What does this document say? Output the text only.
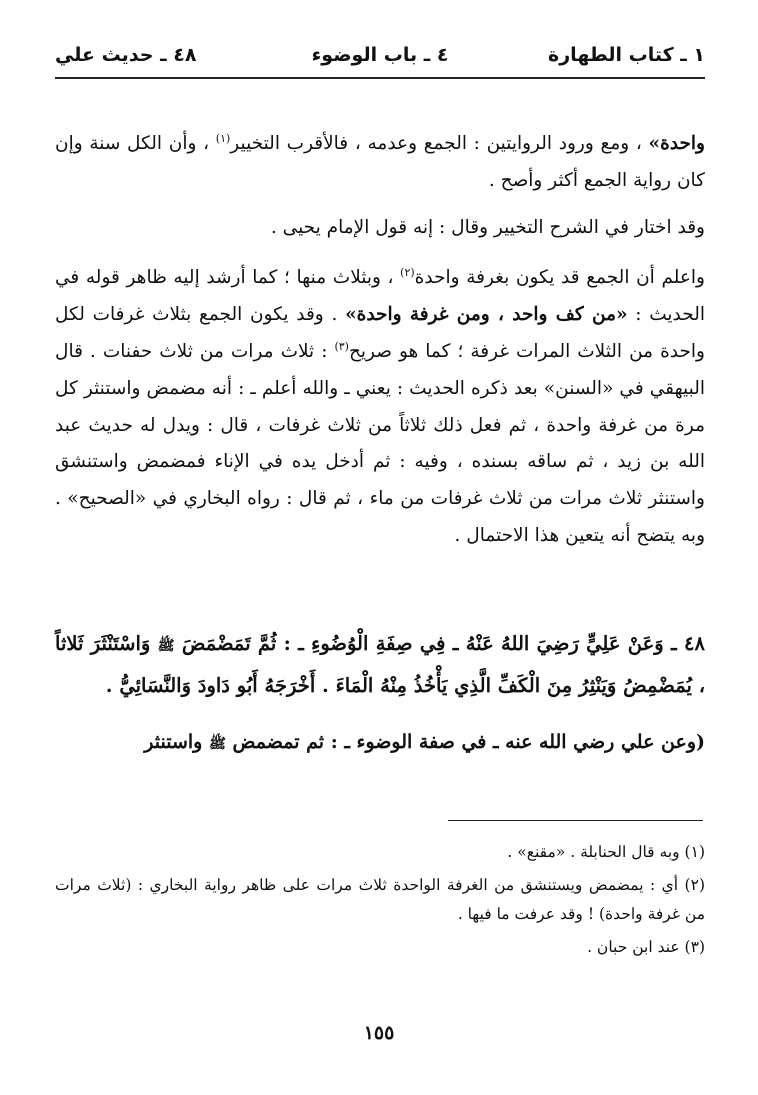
١ ـ كتاب الطهارة
٤ ـ باب الوضوء
٤٨ ـ حديث علي

واحدة» ، ومع ورود الروايتين : الجمع وعدمه ، فالأقرب التخيير$^{(١)}$ ، وأن الكل سنة وإن كان رواية الجمع أكثر وأصح .

وقد اختار في الشرح التخيير وقال : إنه قول الإمام يحيى .

واعلم أن الجمع قد يكون بغرفة واحدة$^{(٢)}$ ، وبثلاث منها ؛ كما أرشد إليه ظاهر قوله في الحديث : «من كف واحد ، ومن غرفة واحدة» . وقد يكون الجمع بثلاث غرفات لكل واحدة من الثلاث المرات غرفة ؛ كما هو صريح$^{(٣)}$ : ثلاث مرات من ثلاث حفنات . قال البيهقي في «السنن» بعد ذكره الحديث : يعني ـ والله أعلم ـ : أنه مضمض واستنثر كل مرة من غرفة واحدة ، ثم فعل ذلك ثلاثاً من ثلاث غرفات ، قال : ويدل له حديث عبد الله بن زيد ، ثم ساقه بسنده ، وفيه : ثم أدخل يده في الإناء فمضمض واستنشق واستنثر ثلاث مرات من ثلاث غرفات من ماء ، ثم قال : رواه البخاري في «الصحيح» . وبه يتضح أنه يتعين هذا الاحتمال .

٤٨ ـ وَعَنْ عَلِيٍّ رَضِيَ اللهُ عَنْهُ ـ فِي صِفَةِ الْوُضُوءِ ـ : ثُمَّ تَمَضْمَضَ ﷺ وَاسْتَنْثَرَ ثَلاثاً ، يُمَضْمِضُ وَيَنْثِرُ مِنَ الْكَفِّ الَّذِي يَأْخُذُ مِنْهُ الْمَاءَ . أَخْرَجَهُ أَبُو دَاودَ وَالنَّسَائِيُّ .

(وعن علي رضي الله عنه ـ في صفة الوضوء ـ : ثم تمضمض ﷺ واستنثر

(١) وبه قال الحنابلة . «مقنع» .

(٢) أي : يمضمض ويستنشق من الغرفة الواحدة ثلاث مرات على ظاهر رواية البخاري : (ثلاث مرات من غرفة واحدة) ! وقد عرفت ما فيها .

(٣) عند ابن حبان .

١٥٥
